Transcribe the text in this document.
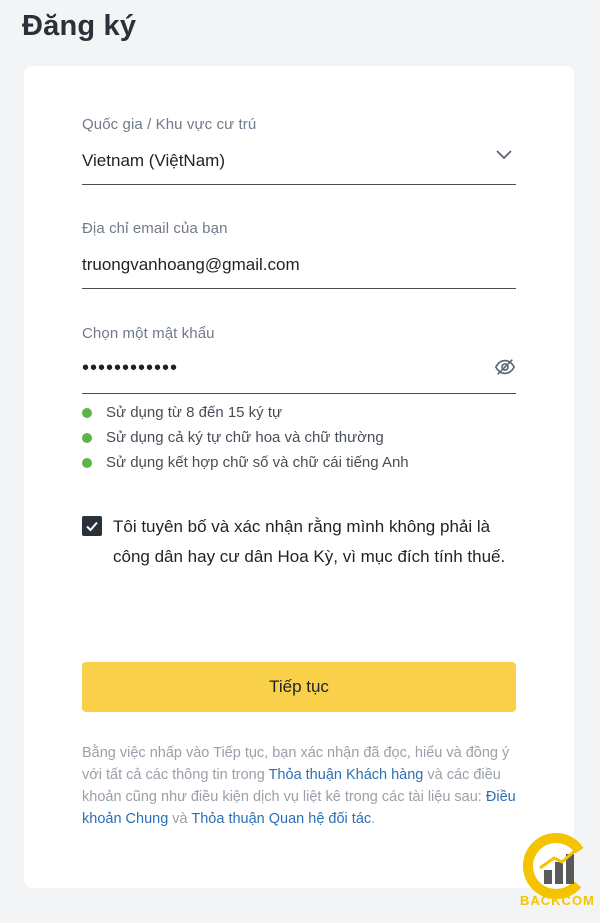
Đăng ký
Quốc gia / Khu vực cư trú
Vietnam (ViệtNam)
Địa chỉ email của bạn
truongvanhoang@gmail.com
Chọn một mật khẩu
••••••••••••
Sử dụng từ 8 đến 15 ký tự
Sử dụng cả ký tự chữ hoa và chữ thường
Sử dụng kết hợp chữ số và chữ cái tiếng Anh
Tôi tuyên bố và xác nhận rằng mình không phải là công dân hay cư dân Hoa Kỳ, vì mục đích tính thuế.
Tiếp tục
Bằng việc nhấp vào Tiếp tục, bạn xác nhận đã đọc, hiểu và đồng ý với tất cả các thông tin trong Thỏa thuận Khách hàng và các điều khoản cũng như điều kiện dịch vụ liệt kê trong các tài liệu sau: Điều khoản Chung và Thỏa thuận Quan hệ đối tác.
BACKCOM
